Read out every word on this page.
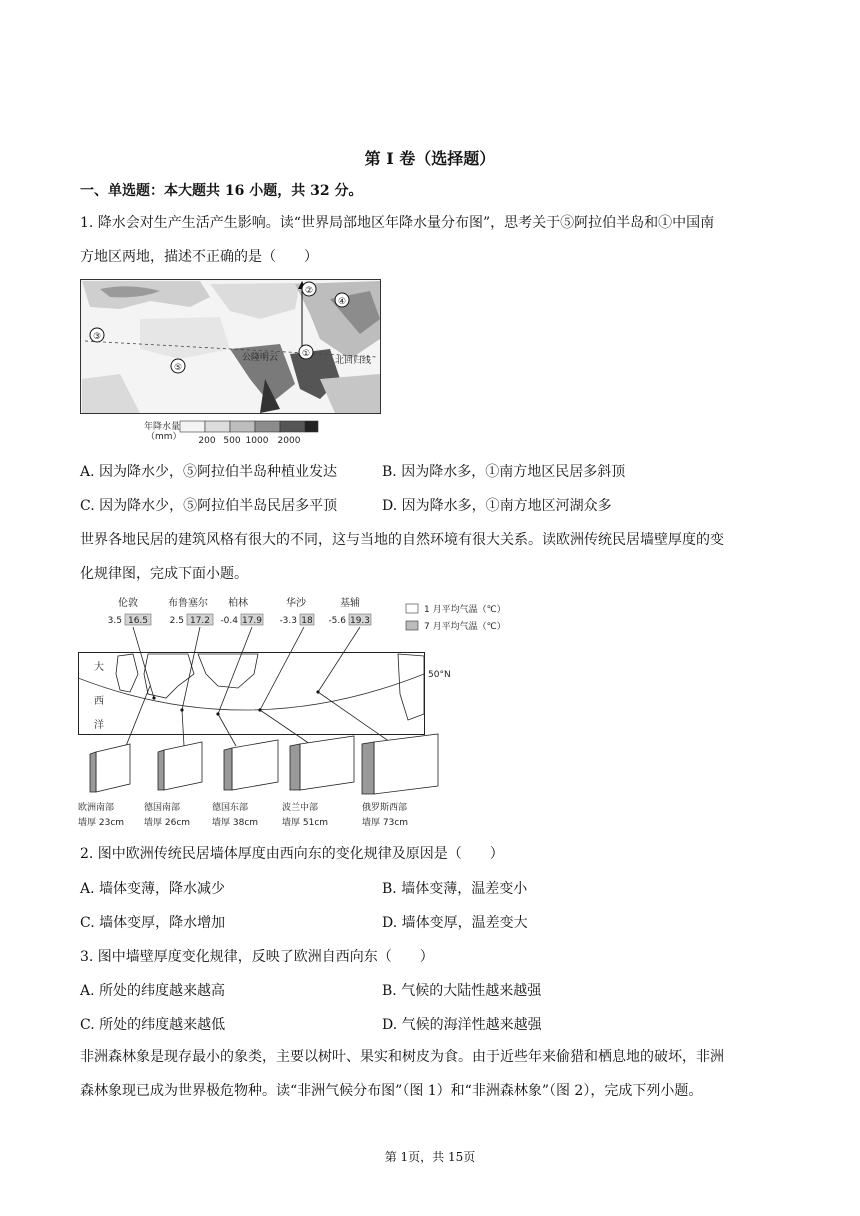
第 I 卷（选择题）
一、单选题：本大题共 16 小题，共 32 分。
1. 降水会对生产生活产生影响。读“世界局部地区年降水量分布图”，思考关于⑤阿拉伯半岛和①中国南
方地区两地，描述不正确的是（　　）
①
②
③
④
⑤
公隆明云	北回归线
年降水量
（mm） 200 500 1000 2000
A. 因为降水少，⑤阿拉伯半岛种植业发达	B. 因为降水多，①南方地区民居多斜顶
C. 因为降水少，⑤阿拉伯半岛民居多平顶	D. 因为降水多，①南方地区河湖众多
世界各地民居的建筑风格有很大的不同，这与当地的自然环境有很大关系。读欧洲传统民居墙壁厚度的变
化规律图，完成下面小题。
伦敦
3.5 16.5
布鲁塞尔
2.5 17.2
柏林
-0.4 17.9
华沙
-3.3 18
基辅
-5.6 19.3
1 月平均气温（℃）
7 月平均气温（℃）
大
西
洋
50°N
欧洲南部
墙厚 23cm
德国南部
墙厚 26cm
德国东部
墙厚 38cm
波兰中部
墙厚 51cm
俄罗斯西部
墙厚 73cm
2. 图中欧洲传统民居墙体厚度由西向东的变化规律及原因是（　　）
A. 墙体变薄，降水减少	B. 墙体变薄，温差变小
C. 墙体变厚，降水增加	D. 墙体变厚，温差变大
3. 图中墙壁厚度变化规律，反映了欧洲自西向东（　　）
A. 所处的纬度越来越高	B. 气候的大陆性越来越强
C. 所处的纬度越来越低	D. 气候的海洋性越来越强
非洲森林象是现存最小的象类，主要以树叶、果实和树皮为食。由于近些年来偷猎和栖息地的破坏，非洲
森林象现已成为世界极危物种。读“非洲气候分布图”（图 1）和“非洲森林象”（图 2），完成下列小题。
第 1页，共 15页
